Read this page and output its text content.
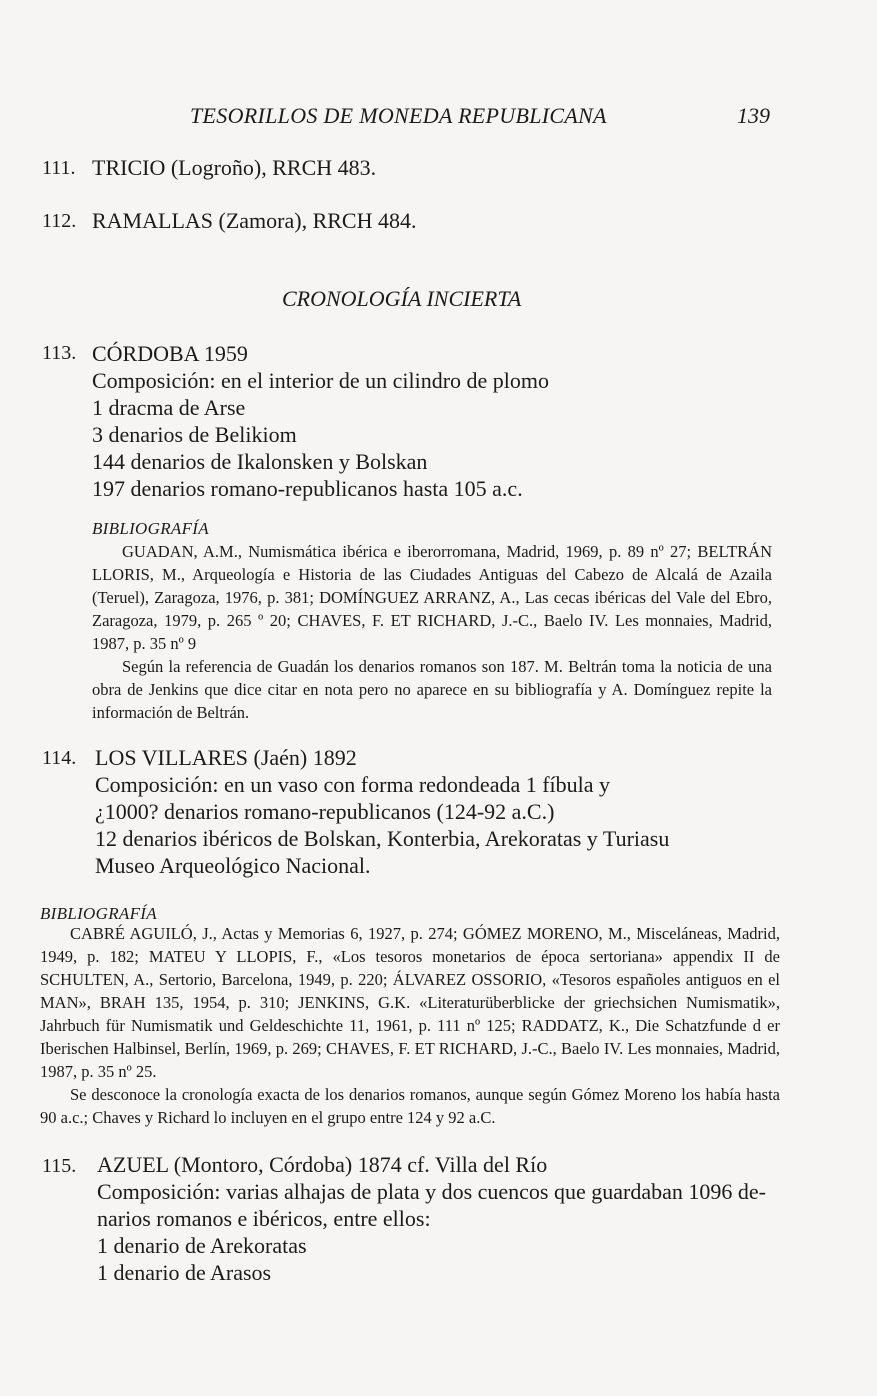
TESORILLOS DE MONEDA REPUBLICANA	139
111. TRICIO (Logroño), RRCH 483.
112. RAMALLAS (Zamora), RRCH 484.
CRONOLOGÍA INCIERTA
113. CÓRDOBA 1959
Composición: en el interior de un cilindro de plomo
1 dracma de Arse
3 denarios de Belikiom
144 denarios de Ikalonsken y Bolskan
197 denarios romano-republicanos hasta 105 a.c.
BIBLIOGRAFÍA

GUADAN, A.M., Numismática ibérica e iberorromana, Madrid, 1969, p. 89 nº 27; BELTRÁN LLORIS, M., Arqueología e Historia de las Ciudades Antiguas del Cabezo de Alcalá de Azaila (Teruel), Zaragoza, 1976, p. 381; DOMÍNGUEZ ARRANZ, A., Las cecas ibéricas del Vale del Ebro, Zaragoza, 1979, p. 265 º 20; CHAVES, F. ET RICHARD, J.-C., Baelo IV. Les monnaies, Madrid, 1987, p. 35 nº 9

Según la referencia de Guadán los denarios romanos son 187. M. Beltrán toma la noticia de una obra de Jenkins que dice citar en nota pero no aparece en su bibliografía y A. Domínguez repite la información de Beltrán.

114. LOS VILLARES (Jaén) 1892
Composición: en un vaso con forma redondeada 1 fíbula y
¿1000? denarios romano-republicanos (124-92 a.C.)
12 denarios ibéricos de Bolskan, Konterbia, Arekoratas y Turiasu
Museo Arqueológico Nacional.
BIBLIOGRAFÍA

CABRÉ AGUILÓ, J., Actas y Memorias 6, 1927, p. 274; GÓMEZ MORENO, M., Misceláneas, Madrid, 1949, p. 182; MATEU Y LLOPIS, F., «Los tesoros monetarios de época sertoriana» appendix II de SCHULTEN, A., Sertorio, Barcelona, 1949, p. 220; ÁLVAREZ OSSORIO, «Tesoros españoles antiguos en el MAN», BRAH 135, 1954, p. 310; JENKINS, G.K. «Literaturüberblicke der griechsichen Numismatik», Jahrbuch für Numismatik und Geldeschichte 11, 1961, p. 111 nº 125; RADDATZ, K., Die Schatzfunde d er Iberischen Halbinsel, Berlín, 1969, p. 269; CHAVES, F. ET RICHARD, J.-C., Baelo IV. Les monnaies, Madrid, 1987, p. 35 nº 25.

Se desconoce la cronología exacta de los denarios romanos, aunque según Gómez Moreno los había hasta 90 a.c.; Chaves y Richard lo incluyen en el grupo entre 124 y 92 a.C.

115. AZUEL (Montoro, Córdoba) 1874 cf. Villa del Río
Composición: varias alhajas de plata y dos cuencos que guardaban 1096 de-
narios romanos e ibéricos, entre ellos:
1 denario de Arekoratas
1 denario de Arasos
